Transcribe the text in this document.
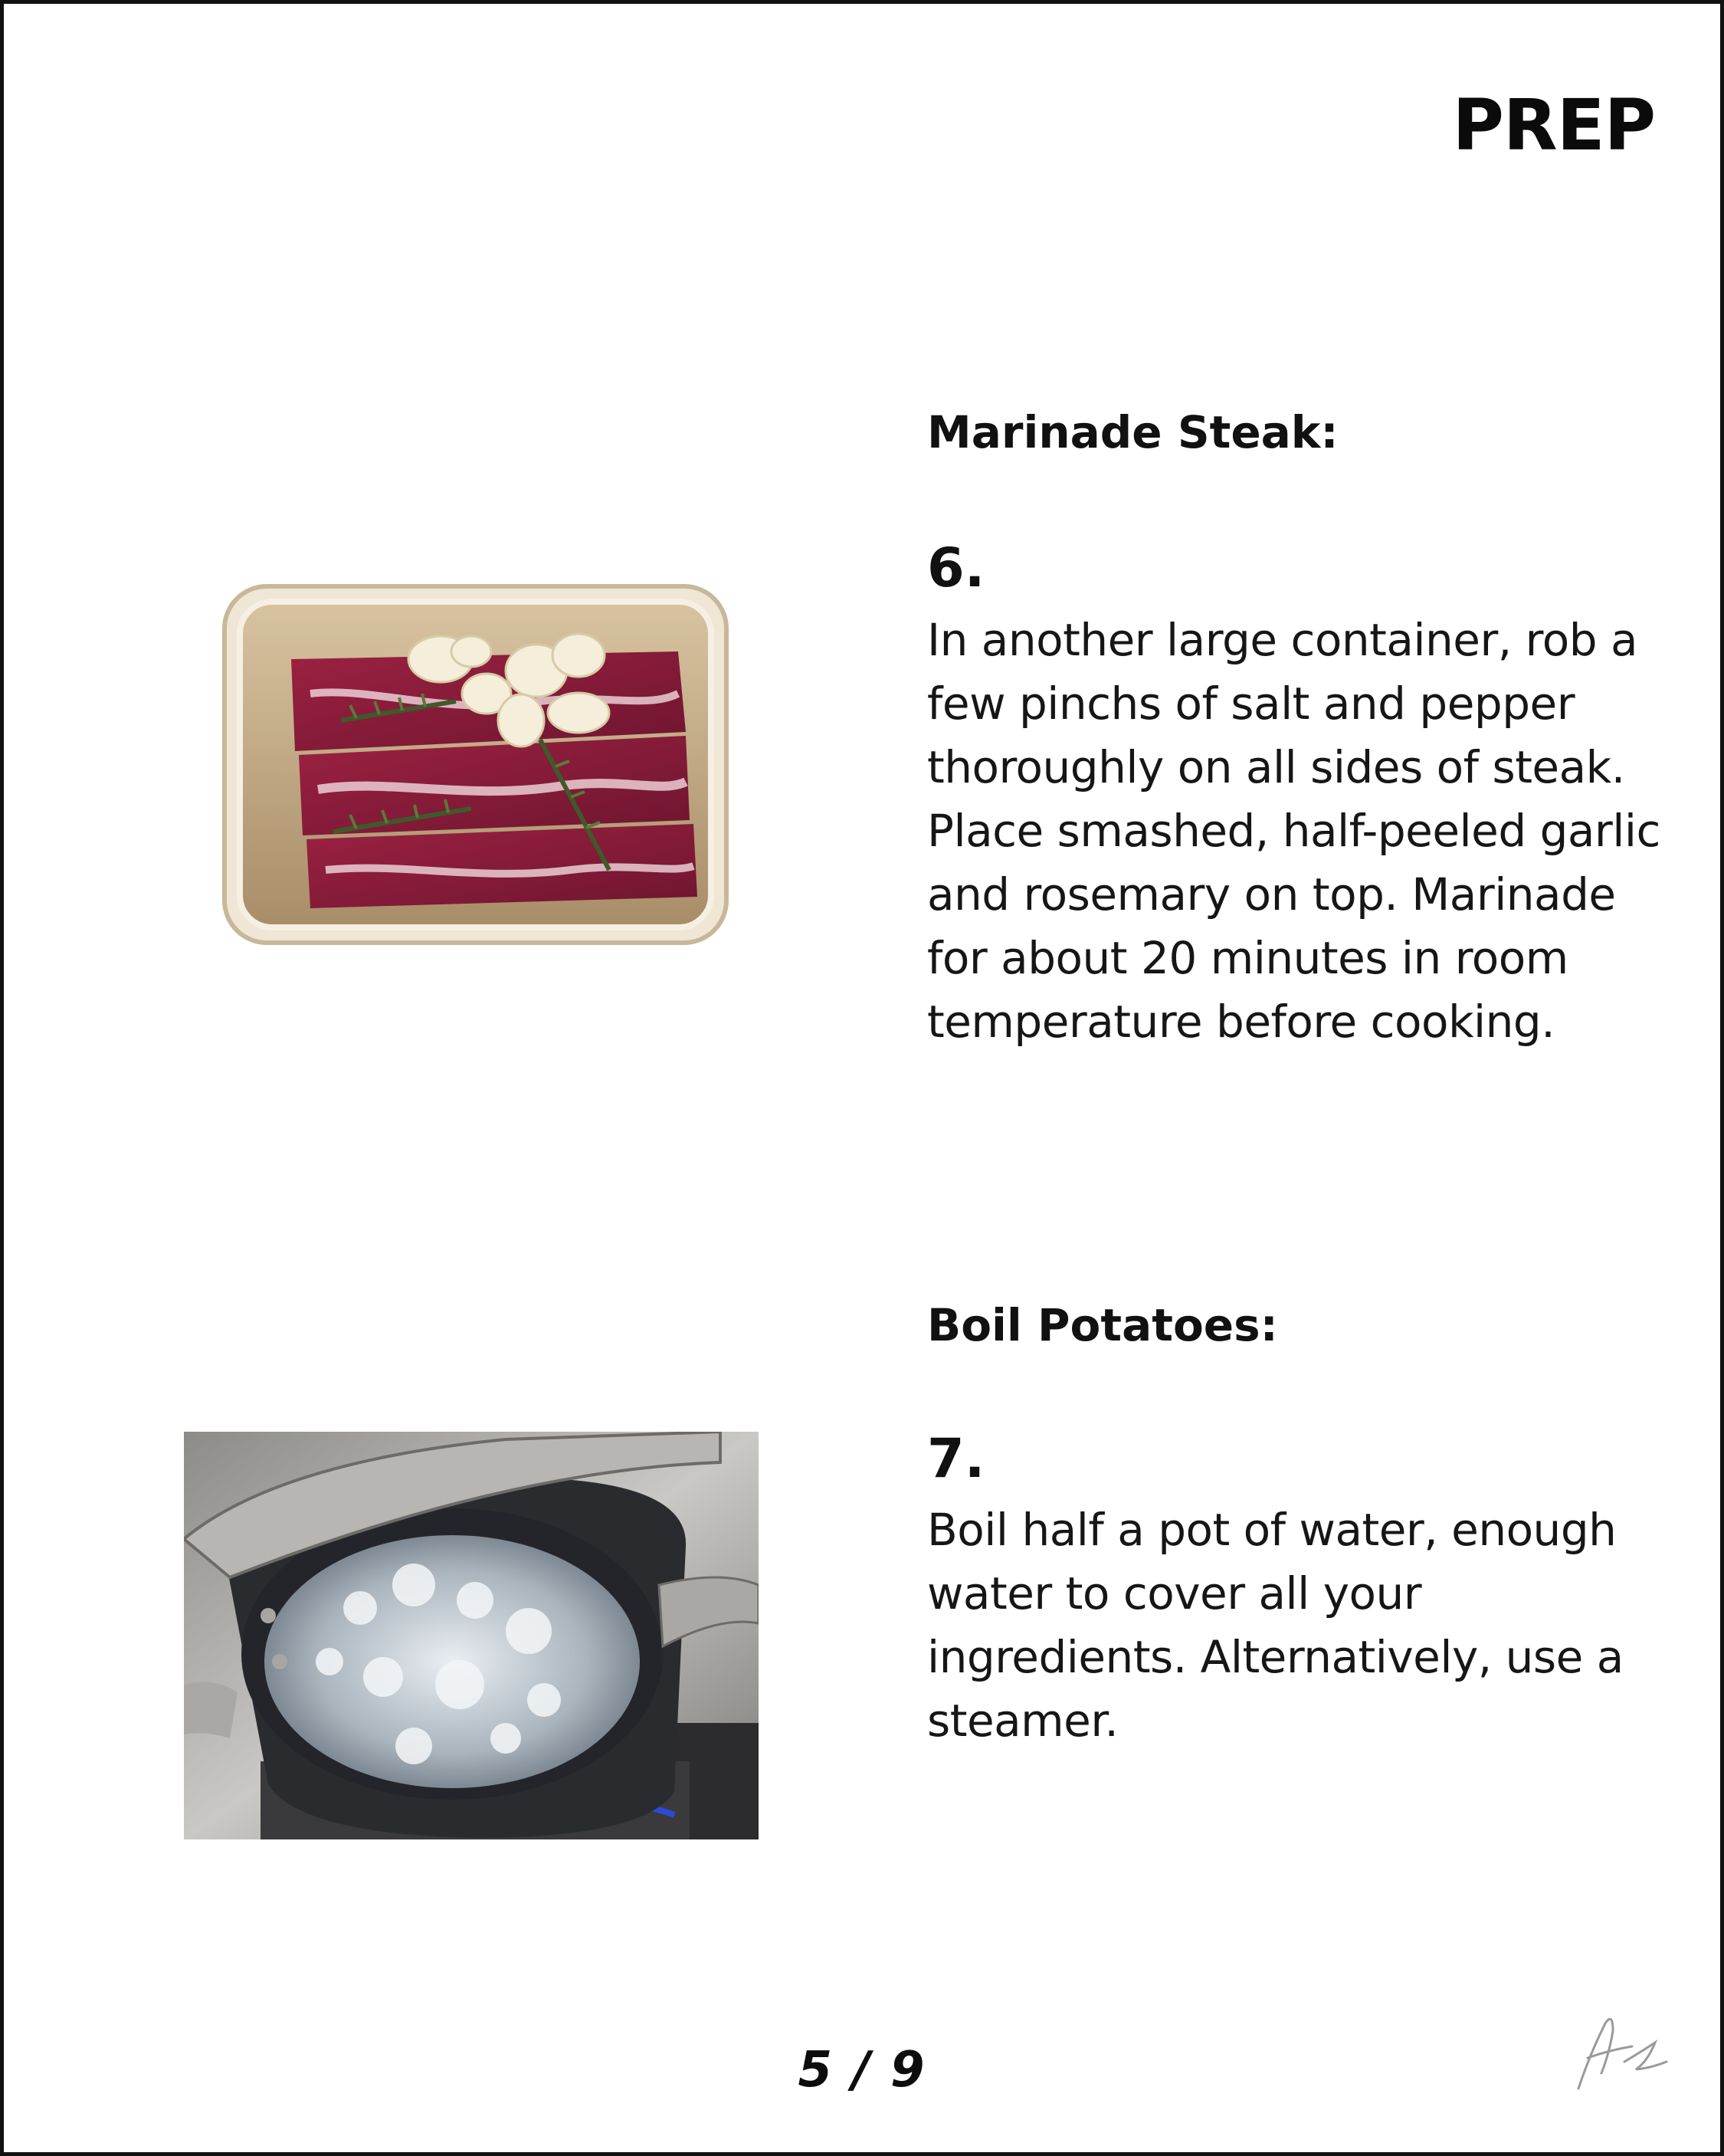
PREP
Marinade Steak:
6.
In another large container, rob a few pinchs of salt and pepper thoroughly on all sides of steak. Place smashed, half-peeled garlic and rosemary on top. Marinade for about 20 minutes in room temperature before cooking.
Boil Potatoes:
7.
Boil half a pot of water, enough water to cover all your ingredients. Alternatively, use a steamer.
5 / 9
